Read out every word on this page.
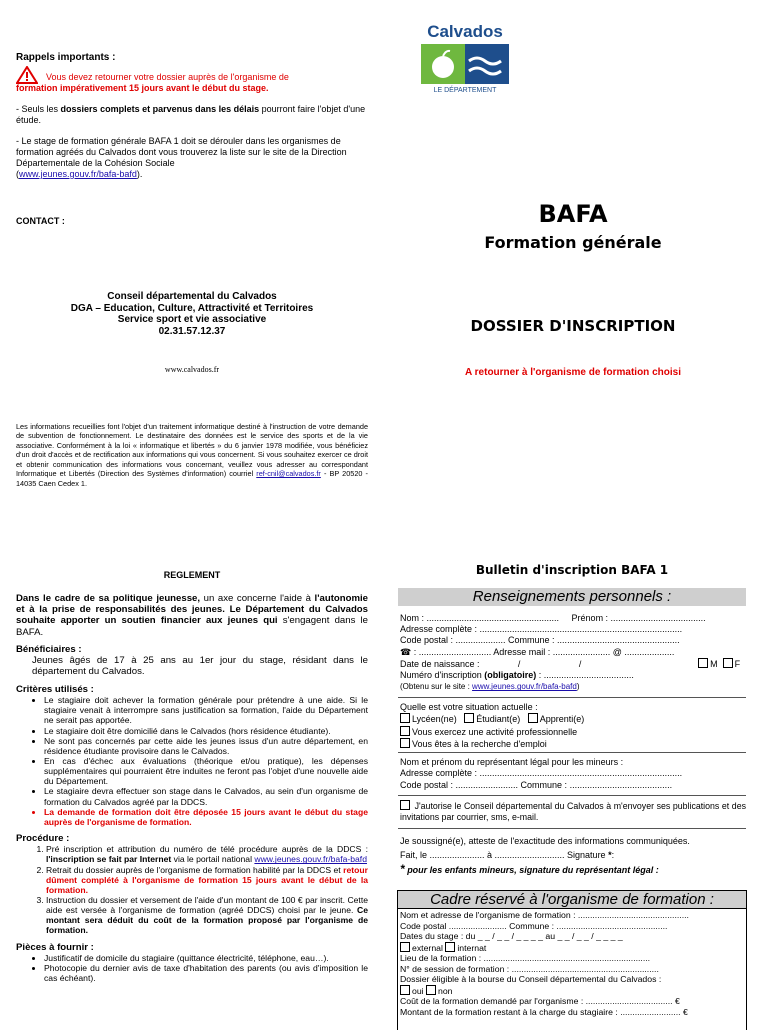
Rappels importants :

Vous devez retourner votre dossier auprès de l'organisme de

formation impérativement 15 jours avant le début du stage.

- Seuls les dossiers complets et parvenus dans les délais pourront faire l'objet d'une étude.

- Le stage de formation générale BAFA 1 doit se dérouler dans les organismes de formation agréés du Calvados dont vous trouverez la liste sur le site de la Direction Départementale de la Cohésion Sociale
(www.jeunes.gouv.fr/bafa-bafd).

CONTACT :

Conseil départemental du Calvados

DGA – Education, Culture, Attractivité et Territoires

Service sport et vie associative

02.31.57.12.37

www.calvados.fr

Les informations recueillies font l'objet d'un traitement informatique destiné à l'instruction de votre demande de subvention de fonctionnement. Le destinataire des données est le service des sports et de la vie associative. Conformément à la loi « informatique et libertés » du 6 janvier 1978 modifiée, vous bénéficiez d'un droit d'accès et de rectification aux informations qui vous concernent. Si vous souhaitez exercer ce droit et obtenir communication des informations vous concernant, veuillez vous adresser au correspondant Informatique et Libertés (Direction des Systèmes d'information) courriel ref-cnil@calvados.fr - BP 20520 - 14035 Caen Cedex 1.

Calvados
LE DÉPARTEMENT

BAFA

Formation générale

DOSSIER D'INSCRIPTION

A retourner à l'organisme de formation choisi

REGLEMENT

Dans le cadre de sa politique jeunesse, un axe concerne l'aide à l'autonomie et à la prise de responsabilités des jeunes. Le Département du Calvados souhaite apporter un soutien financier aux jeunes qui s'engagent dans le BAFA.

Bénéficiaires :

Jeunes âgés de 17 à 25 ans au 1er jour du stage, résidant dans le département du Calvados.

Critères utilisés :

• Le stagiaire doit achever la formation générale pour prétendre à une aide. Si le stagiaire venait à interrompre sans justification sa formation, l'aide du Département ne serait pas apportée.
• Le stagiaire doit être domicilié dans le Calvados (hors résidence étudiante).
• Ne sont pas concernés par cette aide les jeunes issus d'un autre département, en résidence étudiante provisoire dans le Calvados.
• En cas d'échec aux évaluations (théorique et/ou pratique), les dépenses supplémentaires qui pourraient être induites ne feront pas l'objet d'une nouvelle aide du Département.
• Le stagiaire devra effectuer son stage dans le Calvados, au sein d'un organisme de formation du Calvados agréé par la DDCS.
• La demande de formation doit être déposée 15 jours avant le début du stage auprès de l'organisme de formation.

Procédure :

1. Pré inscription et attribution du numéro de télé procédure auprès de la DDCS : l'inscription se fait par Internet via le portail national www.jeunes.gouv.fr/bafa-bafd
2. Retrait du dossier auprès de l'organisme de formation habilité par la DDCS et retour dûment complété à l'organisme de formation 15 jours avant le début de la formation.
3. Instruction du dossier et versement de l'aide d'un montant de 100 € par inscrit. Cette aide est versée à l'organisme de formation (agréé DDCS) choisi par le jeune. Ce montant sera déduit du coût de la formation proposé par l'organisme de formation.

Pièces à fournir :

• Justificatif de domicile du stagiaire (quittance électricité, téléphone, eau…).
• Photocopie du dernier avis de taxe d'habitation des parents (ou avis d'imposition le cas échéant).

Bulletin d'inscription BAFA 1

Renseignements personnels :

Nom : ..................................................... Prénom : ......................................

Adresse complète : .................................................................................

Code postal : .................... Commune : .................................................

☎ : ............................. Adresse mail : ....................... @ ....................

Date de naissance :	/	/	M F

Numéro d'inscription (obligatoire) : ....................................

(Obtenu sur le site : www.jeunes.gouv.fr/bafa-bafd)

Quelle est votre situation actuelle :

Lycéen(ne) Étudiant(e) Apprenti(e)

Vous exercez une activité professionnelle

Vous êtes à la recherche d'emploi

Nom et prénom du représentant légal pour les mineurs :

Adresse complète : .................................................................................

Code postal : ......................... Commune : .........................................

J'autorise le Conseil départemental du Calvados à m'envoyer ses publications et des invitations par courrier, sms, e-mail.

Je soussigné(e), atteste de l'exactitude des informations communiquées.

Fait, le ...................... à ............................ Signature *:

* pour les enfants mineurs, signature du représentant légal :

Cadre réservé à l'organisme de formation :

Nom et adresse de l'organisme de formation : ..............................................

Code postal ........................ Commune : ..............................................

Dates du stage : du _ _ / _ _ / _ _ _ _ au _ _ / _ _ / _ _ _ _

external internat

Lieu de la formation : .....................................................................

N° de session de formation : .............................................................

Dossier éligible à la bourse du Conseil départemental du Calvados :

oui non

Coût de la formation demandé par l'organisme : .................................... €

Montant de la formation restant à la charge du stagiaire : ......................... €
